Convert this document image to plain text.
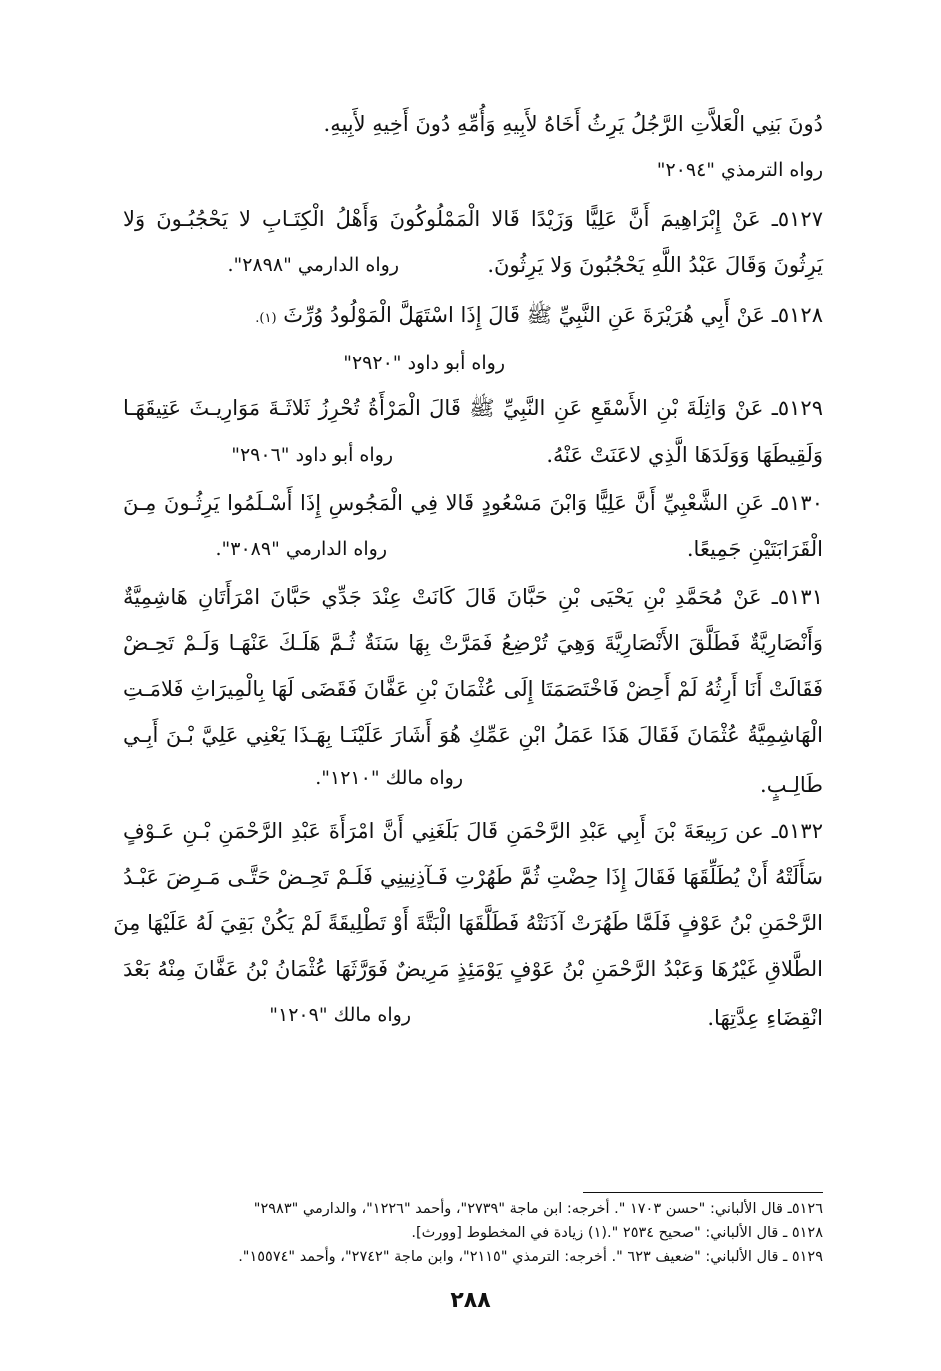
دُونَ بَنِي الْعَلاَّتِ الرَّجُلُ يَرِثُ أَخَاهُ لأَبِيهِ وَأُمِّهِ دُونَ أَخِيهِ لأَبِيهِ.
رواه الترمذي "٢٠٩٤"
٥١٢٧ـ عَنْ إِبْرَاهِيمَ أَنَّ عَلِيًّا وَزَيْدًا قَالا الْمَمْلُوكُونَ وَأَهْلُ الْكِتَـابِ لا يَحْجُبُـونَ وَلا
يَرِثُونَ وَقَالَ عَبْدُ اللَّهِ يَحْجُبُونَ وَلا يَرِثُونَ.
رواه الدارمي "٢٨٩٨".
٥١٢٨ـ عَنْ أَبِي هُرَيْرَةَ عَنِ النَّبِيِّ ﷺ قَالَ إِذَا اسْتَهَلَّ الْمَوْلُودُ وُرِّثَ (١).
رواه أبو داود "٢٩٢٠"
٥١٢٩ـ عَنْ وَاثِلَةَ بْنِ الأَسْقَعِ عَنِ النَّبِيِّ ﷺ قَالَ الْمَرْأَةُ تُحْرِزُ ثَلاثَـةَ مَوَارِيـثَ عَتِيقَهَـا
وَلَقِيطَهَا وَوَلَدَهَا الَّذِي لاعَنَتْ عَنْهُ.
رواه أبو داود "٢٩٠٦"
٥١٣٠ـ عَنِ الشَّعْبِيِّ أَنَّ عَلِيًّا وَابْنَ مَسْعُودٍ قَالا فِي الْمَجُوسِ إِذَا أَسْـلَمُوا يَرِثُـونَ مِـنَ
الْقَرَابَتَيْنِ جَمِيعًا.
رواه الدارمي "٣٠٨٩".
٥١٣١ـ عَنْ مُحَمَّدِ بْنِ يَحْيَى بْنِ حَبَّانَ قَالَ كَانَتْ عِنْدَ جَدِّي حَبَّانَ امْرَأَتَانِ هَاشِمِيَّةٌ
وَأَنْصَارِيَّةٌ فَطَلَّقَ الأَنْصَارِيَّةَ وَهِيَ تُرْضِعُ فَمَرَّتْ بِهَا سَنَةٌ ثُـمَّ هَلَـكَ عَنْهَـا وَلَـمْ تَحِـضْ
فَقَالَتْ أَنَا أَرِثُهُ لَمْ أَحِضْ فَاخْتَصَمَتَا إِلَى عُثْمَانَ بْنِ عَفَّانَ فَقَضَى لَهَا بِالْمِيرَاثِ فَلامَـتِ
الْهَاشِمِيَّةُ عُثْمَانَ فَقَالَ هَذَا عَمَلُ ابْنِ عَمِّكِ هُوَ أَشَارَ عَلَيْنَـا بِهَـذَا يَعْنِي عَلِيَّ بْـنَ أَبِـي
طَالِـبٍ.
رواه مالك "١٢١٠".
٥١٣٢ـ عن رَبِيعَةَ بْنَ أَبِي عَبْدِ الرَّحْمَنِ قَالَ بَلَغَنِي أَنَّ امْرَأَةَ عَبْدِ الرَّحْمَنِ بْـنِ عَـوْفٍ
سَأَلَتْهُ أَنْ يُطَلِّقَهَا فَقَالَ إِذَا حِضْتِ ثُمَّ طَهُرْتِ فَـآذِنِينِي فَلَـمْ تَحِـضْ حَتَّـى مَـرِضَ عَبْـدُ
الرَّحْمَنِ بْنُ عَوْفٍ فَلَمَّا طَهُرَتْ آذَنَتْهُ فَطَلَّقَهَا الْبَتَّةَ أَوْ تَطْلِيقَةً لَمْ يَكُنْ بَقِيَ لَهُ عَلَيْهَا مِنَ
الطَّلاقِ غَيْرُهَا وَعَبْدُ الرَّحْمَنِ بْنُ عَوْفٍ يَوْمَئِذٍ مَرِيضٌ فَوَرَّثَهَا عُثْمَانُ بْنُ عَفَّانَ مِنْهُ بَعْدَ
انْقِضَاءِ عِدَّتِهَا.
رواه مالك "١٢٠٩"
٥١٢٦ـ قال الألباني: "حسن ١٧٠٣ ". أخرجه: ابن ماجة "٢٧٣٩"، وأحمد "١٢٢٦"، والدارمي "٢٩٨٣"
٥١٢٨ ـ قال الألباني: "صحيح ٢٥٣٤ ".(١) زيادة في المخطوط [وورث].
٥١٢٩ ـ قال الألباني: "ضعيف ٦٢٣ ". أخرجه: الترمذي "٢١١٥"، وابن ماجة "٢٧٤٢"، وأحمد "١٥٥٧٤".
٢٨٨
